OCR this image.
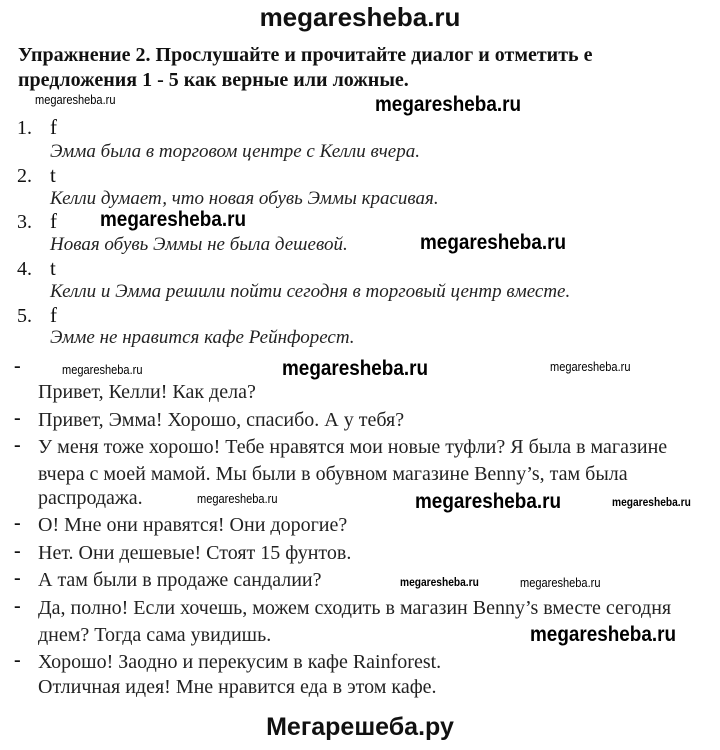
megaresheba.ru
Упражнение 2. Прослушайте и прочитайте диалог и отметить е
предложения 1 - 5 как верные или ложные.
megaresheba.ru	megaresheba.ru
1. f
Эмма была в торговом центре с Келли вчера.
2. t
Келли думает, что новая обувь Эммы красивая.
3. f megaresheba.ru
Новая обувь Эммы не была дешевой.	megaresheba.ru
4. t
Келли и Эмма решили пойти сегодня в торговый центр вместе.
5. f
Эмме не нравится кафе Рейнфорест.
-	megaresheba.ru	megaresheba.ru	megaresheba.ru
Привет, Келли! Как дела?
- Привет, Эмма! Хорошо, спасибо. А у тебя?
- У меня тоже хорошо! Тебе нравятся мои новые туфли? Я была в магазине
вчера с моей мамой. Мы были в обувном магазине Benny’s, там была
распродажа.	megaresheba.ru	megaresheba.ru	megaresheba.ru
- О! Мне они нравятся! Они дорогие?
- Нет. Они дешевые! Стоят 15 фунтов.
- А там были в продаже сандалии?	megaresheba.ru	megaresheba.ru
- Да, полно! Если хочешь, можем сходить в магазин Benny’s вместе сегодня
днем? Тогда сама увидишь.	megaresheba.ru
- Хорошо! Заодно и перекусим в кафе Rainforest.
Отличная идея! Мне нравится еда в этом кафе.
Мегарешеба.ру
